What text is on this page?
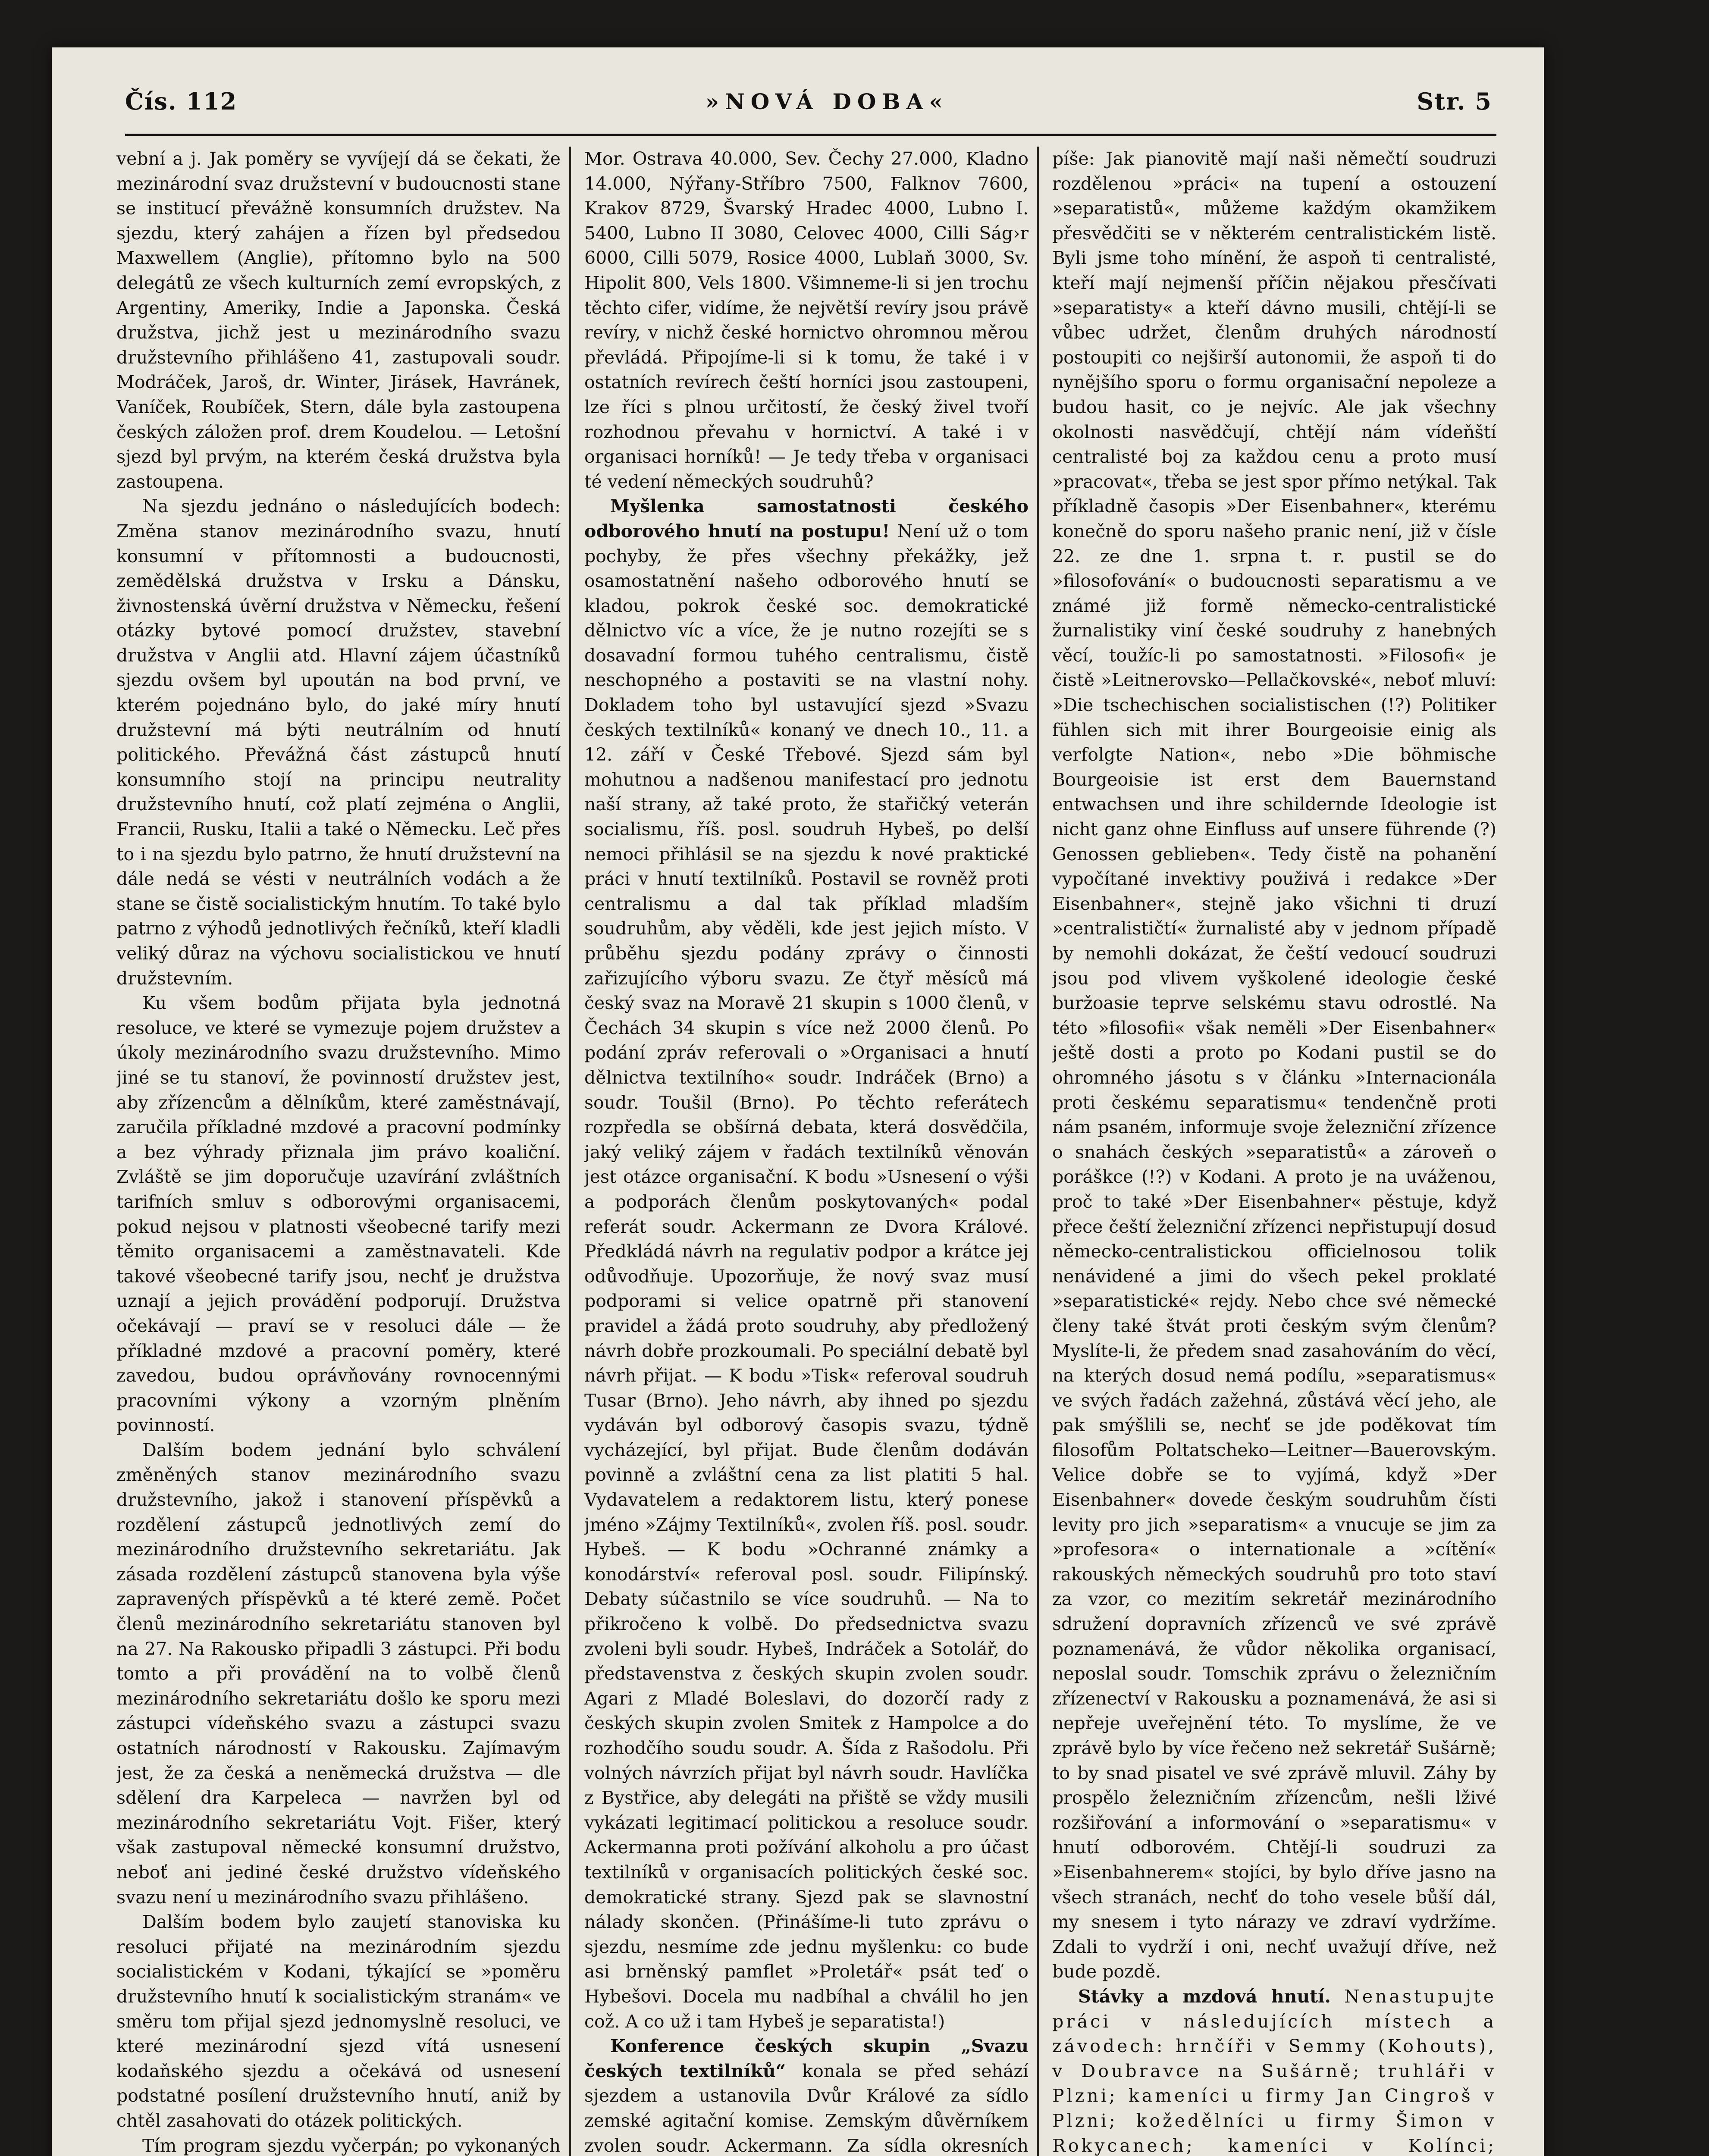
Čís. 112	»NOVÁ DOBA«	Str. 5

vební a j. Jak poměry se vyvíjejí dá se čekati, že mezinárodní svaz družstevní v budoucnosti stane se institucí převážně konsumních družstev. Na sjezdu, který zahájen a řízen byl předsedou Maxwellem (Anglie), přítomno bylo na 500 delegátů ze všech kulturních zemí evropských, z Argentiny, Ameriky, Indie a Japonska. Česká družstva, jichž jest u mezinárodního svazu družstevního přihlášeno 41, zastupovali soudr. Modráček, Jaroš, dr. Winter, Jirásek, Havránek, Vaníček, Roubíček, Stern, dále byla zastoupena českých záložen prof. drem Koudelou. — Letošní sjezd byl prvým, na kterém česká družstva byla zastoupena.

Na sjezdu jednáno o následujících bodech: Změna stanov mezinárodního svazu, hnutí konsumní v přítomnosti a budoucnosti, zemědělská družstva v Irsku a Dánsku, živnostenská úvěrní družstva v Německu, řešení otázky bytové pomocí družstev, stavební družstva v Anglii atd. Hlavní zájem účastníků sjezdu ovšem byl upoután na bod první, ve kterém pojednáno bylo, do jaké míry hnutí družstevní má býti neutrálním od hnutí politického. Převážná část zástupců hnutí konsumního stojí na principu neutrality družstevního hnutí, což platí zejména o Anglii, Francii, Rusku, Italii a také o Německu. Leč přes to i na sjezdu bylo patrno, že hnutí družstevní na dále nedá se vésti v neutrálních vodách a že stane se čistě socialistickým hnutím. To také bylo patrno z výhodů jednotlivých řečníků, kteří kladli veliký důraz na výchovu socialistickou ve hnutí družstevním.

Ku všem bodům přijata byla jednotná resoluce, ve které se vymezuje pojem družstev a úkoly mezinárodního svazu družstevního. Mimo jiné se tu stanoví, že povinností družstev jest, aby zřízencům a dělníkům, které zaměstnávají, zaručila příkladné mzdové a pracovní podmínky a bez výhrady přiznala jim právo koaliční. Zvláště se jim doporučuje uzavírání zvláštních tarifních smluv s odborovými organisacemi, pokud nejsou v platnosti všeobecné tarify mezi těmito organisacemi a zaměstnavateli. Kde takové všeobecné tarify jsou, nechť je družstva uznají a jejich provádění podporují. Družstva očekávají — praví se v resoluci dále — že příkladné mzdové a pracovní poměry, které zavedou, budou oprávňovány rovnocennými pracovními výkony a vzorným plněním povinností.

Dalším bodem jednání bylo schválení změněných stanov mezinárodního svazu družstevního, jakož i stanovení příspěvků a rozdělení zástupců jednotlivých zemí do mezinárodního družstevního sekretariátu. Jak zásada rozdělení zástupců stanovena byla výše zapravených příspěvků a té které země. Počet členů mezinárodního sekretariátu stanoven byl na 27. Na Rakousko připadli 3 zástupci. Při bodu tomto a při provádění na to volbě členů mezinárodního sekretariátu došlo ke sporu mezi zástupci vídeňského svazu a zástupci svazu ostatních národností v Rakousku. Zajímavým jest, že za česká a neněmecká družstva — dle sdělení dra Karpeleса — navržen byl od mezinárodního sekretariátu Vojt. Fišer, který však zastupoval německé konsumní družstvo, neboť ani jediné české družstvo vídeňského svazu není u mezinárodního svazu přihlášeno.

Dalším bodem bylo zaujetí stanoviska ku resoluci přijaté na mezinárodním sjezdu socialistickém v Kodani, týkající se »poměru družstevního hnutí k socialistickým stranám« ve směru tom přijal sjezd jednomyslně resoluci, ve které mezinárodní sjezd vítá usnesení kodaňského sjezdu a očekává od usnesení podstatné posílení družstevního hnutí, aniž by chtěl zasahovati do otázek politických.

Tím program sjezdu vyčerpán; po vykonaných

Mor. Ostrava 40.000, Sev. Čechy 27.000, Kladno 14.000, Nýřany-Stříbro 7500, Falknov 7600, Krakov 8729, Švarský Hradec 4000, Lubno I. 5400, Lubno II 3080, Celovec 4000, Cilli Ság›r 6000, Cilli 5079, Rosice 4000, Lublaň 3000, Sv. Hipolit 800, Vels 1800. Všimneme-li si jen trochu těchto cifer, vidíme, že největší revíry jsou právě revíry, v nichž české hornictvo ohromnou měrou převládá. Připojíme-li si k tomu, že také i v ostatních revírech čeští horníci jsou zastoupeni, lze říci s plnou určitostí, že český živel tvoří rozhodnou převahu v hornictví. A také i v organisaci horníků! — Je tedy třeba v organisaci té vedení německých soudruhů?

Myšlenka samostatnosti českého odborového hnutí na postupu! Není už o tom pochyby, že přes všechny překážky, jež osamostatnění našeho odborového hnutí se kladou, pokrok české soc. demokratické dělnictvo víc a více, že je nutno rozejíti se s dosavadní formou tuhého centralismu, čistě neschopného a postaviti se na vlastní nohy. Dokladem toho byl ustavující sjezd »Svazu českých textilníků« konaný ve dnech 10., 11. a 12. září v České Třebové. Sjezd sám byl mohutnou a nadšenou manifestací pro jednotu naší strany, až také proto, že stařičký veterán socialismu, říš. posl. soudruh Hybeš, po delší nemoci přihlásil se na sjezdu k nové praktické práci v hnutí textilníků. Postavil se rovněž proti centralismu a dal tak příklad mladším soudruhům, aby věděli, kde jest jejich místo. V průběhu sjezdu podány zprávy o činnosti zařizujícího výboru svazu. Ze čtyř měsíců má český svaz na Moravě 21 skupin s 1000 členů, v Čechách 34 skupin s více než 2000 členů. Po podání zpráv referovali o »Organisaci a hnutí dělnictva textilního« soudr. Indráček (Brno) a soudr. Toušil (Brno). Po těchto referátech rozpředla se obšírná debata, která dosvědčila, jaký veliký zájem v řadách textilníků věnován jest otázce organisační. K bodu »Usnesení o výši a podporách členům poskytovaných« podal referát soudr. Ackermann ze Dvora Králové. Předkládá návrh na regulativ podpor a krátce jej odůvodňuje. Upozorňuje, že nový svaz musí podporami si velice opatrně při stanovení pravidel a žádá proto soudruhy, aby předložený návrh dobře prozkoumali. Po speciální debatě byl návrh přijat. — K bodu »Tisk« referoval soudruh Tusar (Brno). Jeho návrh, aby ihned po sjezdu vydáván byl odborový časopis svazu, týdně vycházející, byl přijat. Bude členům dodáván povinně a zvláštní cena za list platiti 5 hal. Vydavatelem a redaktorem listu, který ponese jméno »Zájmy Textilníků«, zvolen říš. posl. soudr. Hybeš. — K bodu »Ochranné známky a konodárství« referoval posl. soudr. Filipínský. Debaty súčastnilo se více soudruhů. — Na to přikročeno k volbě. Do předsednictva svazu zvoleni byli soudr. Hybeš, Indráček a Sotolář, do představenstva z českých skupin zvolen soudr. Agari z Mladé Boleslavi, do dozorčí rady z českých skupin zvolen Smitek z Hampolce a do rozhodčího soudu soudr. A. Šída z Rašodolu. Při volných návrzích přijat byl návrh soudr. Havlíčka z Bystřice, aby delegáti na přiště se vždy musili vykázati legitimací politickou a resoluce soudr. Ackermanna proti požívání alkoholu a pro účast textilníků v organisacích politických české soc. demokratické strany. Sjezd pak se slavnostní nálady skončen. (Přinášíme-li tuto zprávu o sjezdu, nesmíme zde jednu myšlenku: co bude asi brněnský pamflet »Proletář« psát teď o Hybešovi. Docela mu nadbíhal a chválil ho jen což. A co už i tam Hybeš je separatista!)

Konference českých skupin „Svazu českých textilníků“ konala se před sehází sjezdem a ustanovila Dvůr Králové za sídlo zemské agitační komise. Zemským důvěrníkem zvolen soudr. Ackermann. Za sídla okresních

píše: Jak pianovitě mají naši němečtí soudruzi rozdělenou »práci« na tupení a ostouzení »separatistů«, můžeme každým okamžikem přesvědčiti se v některém centralistickém listě. Byli jsme toho mínění, že aspoň ti centralisté, kteří mají nejmenší příčin nějakou přesčívati »separatisty« a kteří dávno musili, chtějí-li se vůbec udržet, členům druhých národností postoupiti co nejširší autonomii, že aspoň ti do nynějšího sporu o formu organisační nepoleze a budou hasit, co je nejvíc. Ale jak všechny okolnosti nasvědčují, chtějí nám vídeňští centralisté boj za každou cenu a proto musí »pracovat«, třeba se jest spor přímo netýkal. Tak příkladně časopis »Der Eisenbahner«, kterému konečně do sporu našeho pranic není, již v čísle 22. ze dne 1. srpna t. r. pustil se do »filosofování« o budoucnosti separatismu a ve známé již formě německo-centralistické žurnalistiky viní české soudruhy z hanebných věcí, toužíc-li po samostatnosti. »Filosofi« je čistě »Leitnerovsko—Pellačkovské«, neboť mluví: »Die tschechischen socialistischen (!?) Politiker fühlen sich mit ihrer Bourgeoisie einig als verfolgte Nation«, nebo »Die böhmische Bourgeoisie ist erst dem Bauernstand entwachsen und ihre schildernde Ideologie ist nicht ganz ohne Einfluss auf unsere führende (?) Genossen geblieben«. Tedy čistě na pohanění vypočítané invektivy použivá i redakce »Der Eisenbahner«, stejně jako všichni ti druzí »centralističtí« žurnalisté aby v jednom případě by nemohli dokázat, že čeští vedoucí soudruzi jsou pod vlivem vyškolené ideologie české buržoasie teprve selskému stavu odrostlé. Na této »filosofii« však neměli »Der Eisenbahner« ještě dosti a proto po Kodani pustil se do ohromného jásotu s v článku »Internacionála proti českému separatismu« tendenčně proti nám psaném, informuje svoje železniční zřízence o snahách českých »separatistů« a zároveň o poráškce (!?) v Kodani. A proto je na uváženou, proč to také »Der Eisenbahner« pěstuje, když přece čeští železniční zřízenci nepřistupují dosud německo-centralistickou officielnosou tolik nenávidené a jimi do všech pekel proklaté »separatistické« rejdy. Nebo chce své německé členy také štvát proti českým svým členům? Myslíte-li, že předem snad zasahováním do věcí, na kterých dosud nemá podílu, »separatismus« ve svých řadách zažehná, zůstává věcí jeho, ale pak smýšlili se, nechť se jde poděkovat tím filosofům Poltatscheko—Leitner—Bauerovským. Velice dobře se to vyjímá, když »Der Eisenbahner« dovede českým soudruhům čísti levity pro jich »separatism« a vnucuje se jim za »profesora« o internationale a »cítění« rakouských německých soudruhů pro toto staví za vzor, co mezitím sekretář mezinárodního sdružení dopravních zřízenců ve své zprávě poznamenává, že vůdor několika organisací, neposlal soudr. Tomschik zprávu o železničním zřízenectví v Rakousku a poznamenává, že asi si nepřeje uveřejnění této. To myslíme, že ve zprávě bylo by více řečeno než sekretář Sušárně; to by snad pisatel ve své zprávě mluvil. Záhy by prospělo železničním zřízencům, nešli lživé rozšiřování a informování o »separatismu« v hnutí odborovém. Chtějí-li soudruzi za »Eisenbahnerem« stojíci, by bylo dříve jasno na všech stranách, nechť do toho vesele bůší dál, my snesem i tyto nárazy ve zdraví vydržíme. Zdali to vydrží i oni, nechť uvažují dříve, než bude pozdě.

Stávky a mzdová hnutí. Nenastupujte práci v následujících místech a závodech: hrnčíři v Semmy (Kohouts), v Doubravce na Sušárně; truhláři v Plzni; kameníci u firmy Jan Cingroš v Plzni; kožedělníci u firmy Šimon v Rokycanech; kameníci v Kolínci;
